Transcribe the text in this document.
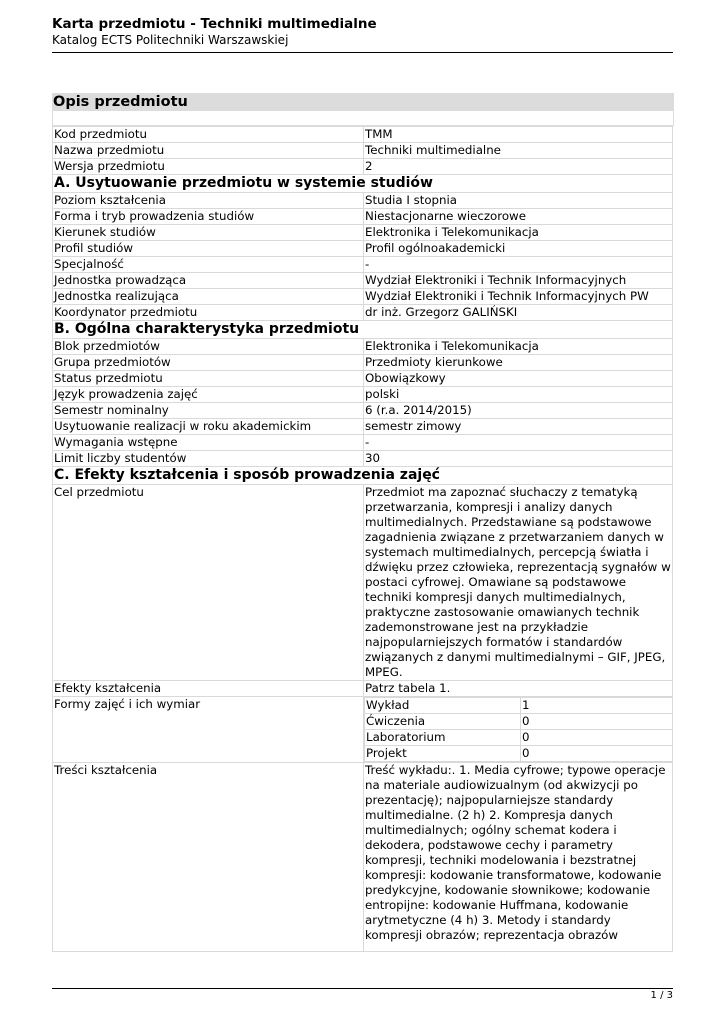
Karta przedmiotu - Techniki multimedialne
Katalog ECTS Politechniki Warszawskiej
Opis przedmiotu
Kod przedmiotu	TMM
Nazwa przedmiotu	Techniki multimedialne
Wersja przedmiotu	2
A. Usytuowanie przedmiotu w systemie studiów
Poziom kształcenia	Studia I stopnia
Forma i tryb prowadzenia studiów	Niestacjonarne wieczorowe
Kierunek studiów	Elektronika i Telekomunikacja
Profil studiów	Profil ogólnoakademicki
Specjalność	-
Jednostka prowadząca	Wydział Elektroniki i Technik Informacyjnych
Jednostka realizująca	Wydział Elektroniki i Technik Informacyjnych PW
Koordynator przedmiotu	dr inż. Grzegorz GALIŃSKI
B. Ogólna charakterystyka przedmiotu
Blok przedmiotów	Elektronika i Telekomunikacja
Grupa przedmiotów	Przedmioty kierunkowe
Status przedmiotu	Obowiązkowy
Język prowadzenia zajęć	polski
Semestr nominalny	6 (r.a. 2014/2015)
Usytuowanie realizacji w roku akademickim	semestr zimowy
Wymagania wstępne	-
Limit liczby studentów	30
C. Efekty kształcenia i sposób prowadzenia zajęć
Cel przedmiotu	Przedmiot ma zapoznać słuchaczy z tematyką przetwarzania, kompresji i analizy danych multimedialnych. Przedstawiane są podstawowe zagadnienia związane z przetwarzaniem danych w systemach multimedialnych, percepcją światła i dźwięku przez człowieka, reprezentacją sygnałów w postaci cyfrowej. Omawiane są podstawowe techniki kompresji danych multimedialnych, praktyczne zastosowanie omawianych technik zademonstrowane jest na przykładzie najpopularniejszych formatów i standardów związanych z danymi multimedialnymi – GIF, JPEG, MPEG.
Efekty kształcenia	Patrz tabela 1.
Formy zajęć i ich wymiar		Wykład	1
Ćwiczenia	0
Laboratorium	0
Projekt	0

Treści kształcenia	Treść wykładu:. 1. Media cyfrowe; typowe operacje na materiale audiowizualnym (od akwizycji po prezentację); najpopularniejsze standardy multimedialne. (2 h) 2. Kompresja danych multimedialnych; ogólny schemat kodera i dekodera, podstawowe cechy i parametry kompresji, techniki modelowania i bezstratnej kompresji: kodowanie transformatowe, kodowanie predykcyjne, kodowanie słownikowe; kodowanie entropijne: kodowanie Huffmana, kodowanie arytmetyczne (4 h) 3. Metody i standardy kompresji obrazów; reprezentacja obrazów
1 / 3
